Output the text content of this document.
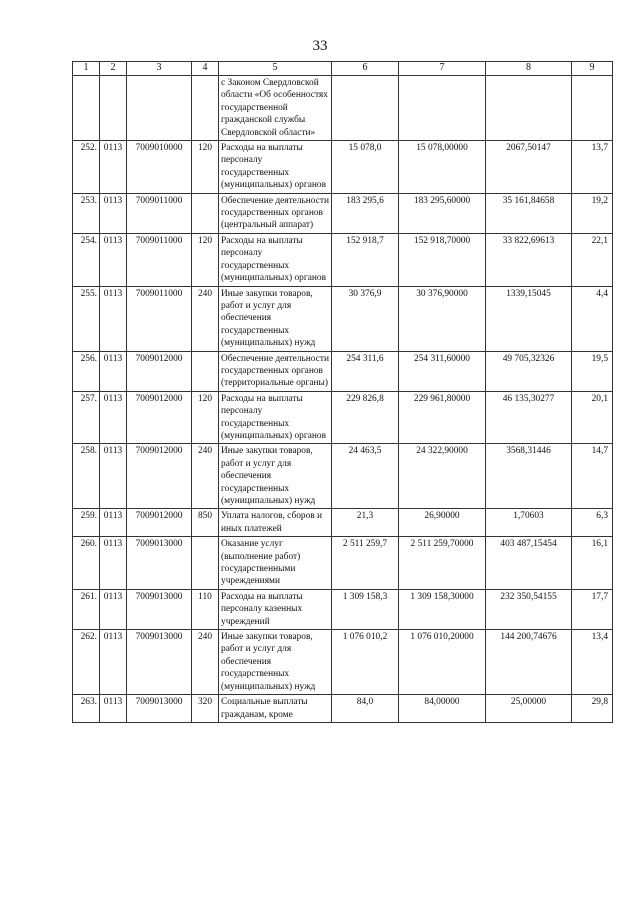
33
1	2	3	4	5	6	7	8	9
				с Законом Свердловской области «Об особенностях государственной гражданской службы Свердловской области»				
252.	0113	7009010000	120	Расходы на выплаты персоналу государственных (муниципальных) органов	15 078,0	15 078,00000	2067,50147	13,7
253.	0113	7009011000		Обеспечение деятельности государственных органов (центральный аппарат)	183 295,6	183 295,60000	35 161,84658	19,2
254.	0113	7009011000	120	Расходы на выплаты персоналу государственных (муниципальных) органов	152 918,7	152 918,70000	33 822,69613	22,1
255.	0113	7009011000	240	Иные закупки товаров, работ и услуг для обеспечения государственных (муниципальных) нужд	30 376,9	30 376,90000	1339,15045	4,4
256.	0113	7009012000		Обеспечение деятельности государственных органов (территориальные органы)	254 311,6	254 311,60000	49 705,32326	19,5
257.	0113	7009012000	120	Расходы на выплаты персоналу государственных (муниципальных) органов	229 826,8	229 961,80000	46 135,30277	20,1
258.	0113	7009012000	240	Иные закупки товаров, работ и услуг для обеспечения государственных (муниципальных) нужд	24 463,5	24 322,90000	3568,31446	14,7
259.	0113	7009012000	850	Уплата налогов, сборов и иных платежей	21,3	26,90000	1,70603	6,3
260.	0113	7009013000		Оказание услуг (выполнение работ) государственными учреждениями	2 511 259,7	2 511 259,70000	403 487,15454	16,1
261.	0113	7009013000	110	Расходы на выплаты персоналу казенных учреждений	1 309 158,3	1 309 158,30000	232 350,54155	17,7
262.	0113	7009013000	240	Иные закупки товаров, работ и услуг для обеспечения государственных (муниципальных) нужд	1 076 010,2	1 076 010,20000	144 200,74676	13,4
263.	0113	7009013000	320	Социальные выплаты гражданам, кроме	84,0	84,00000	25,00000	29,8
